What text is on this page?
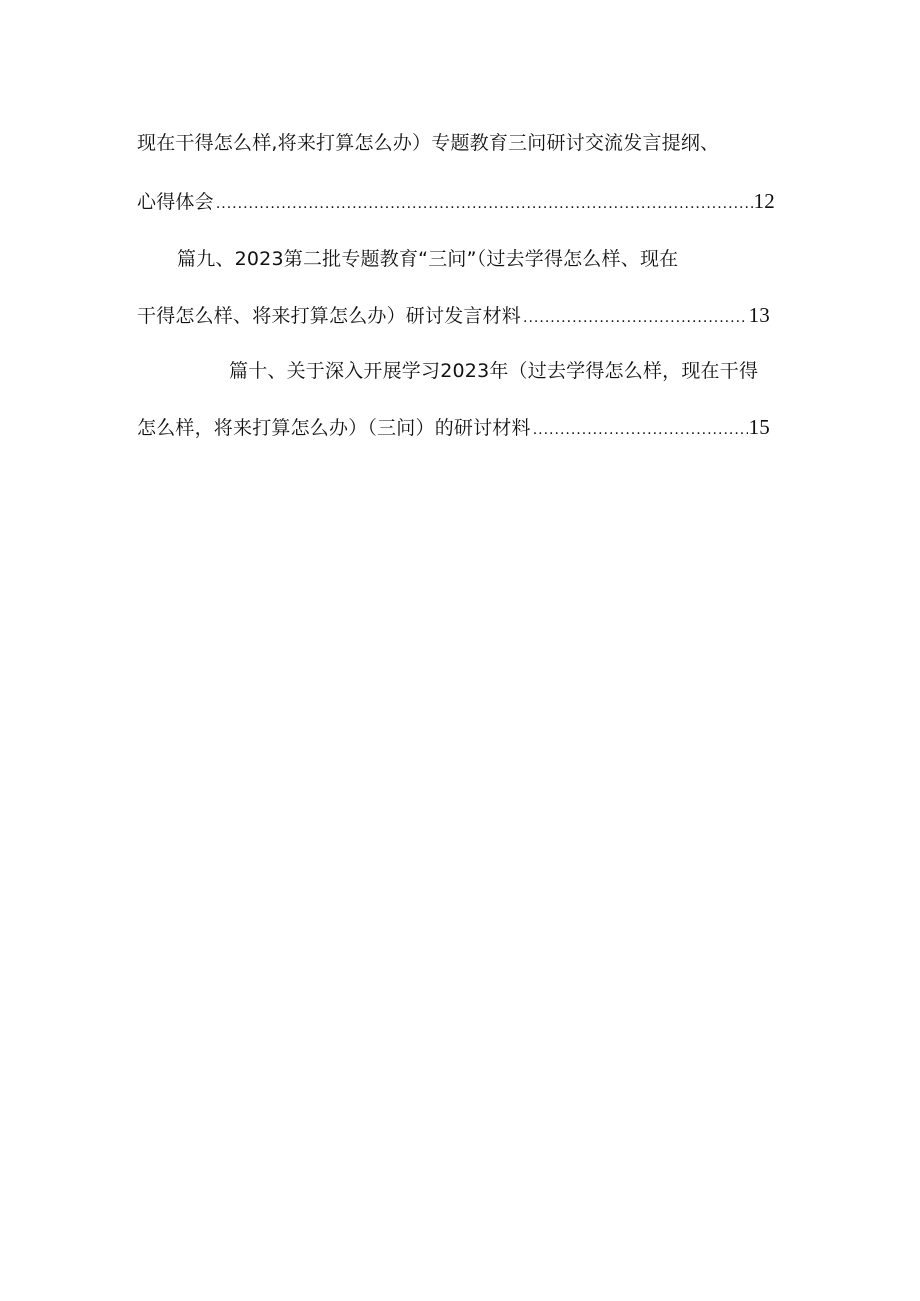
现在干得怎么样,将来打算怎么办）专题教育三问研讨交流发言提纲、
心得体会 .....	12
篇九、2023第二批专题教育“三问”（过去学得怎么样、现在
干得怎么样、将来打算怎么办）研讨发言材料 .....	13
篇十、关于深入开展学习2023年（过去学得怎么样，现在干得
怎么样，将来打算怎么办）（三问）的研讨材料 .....	15
